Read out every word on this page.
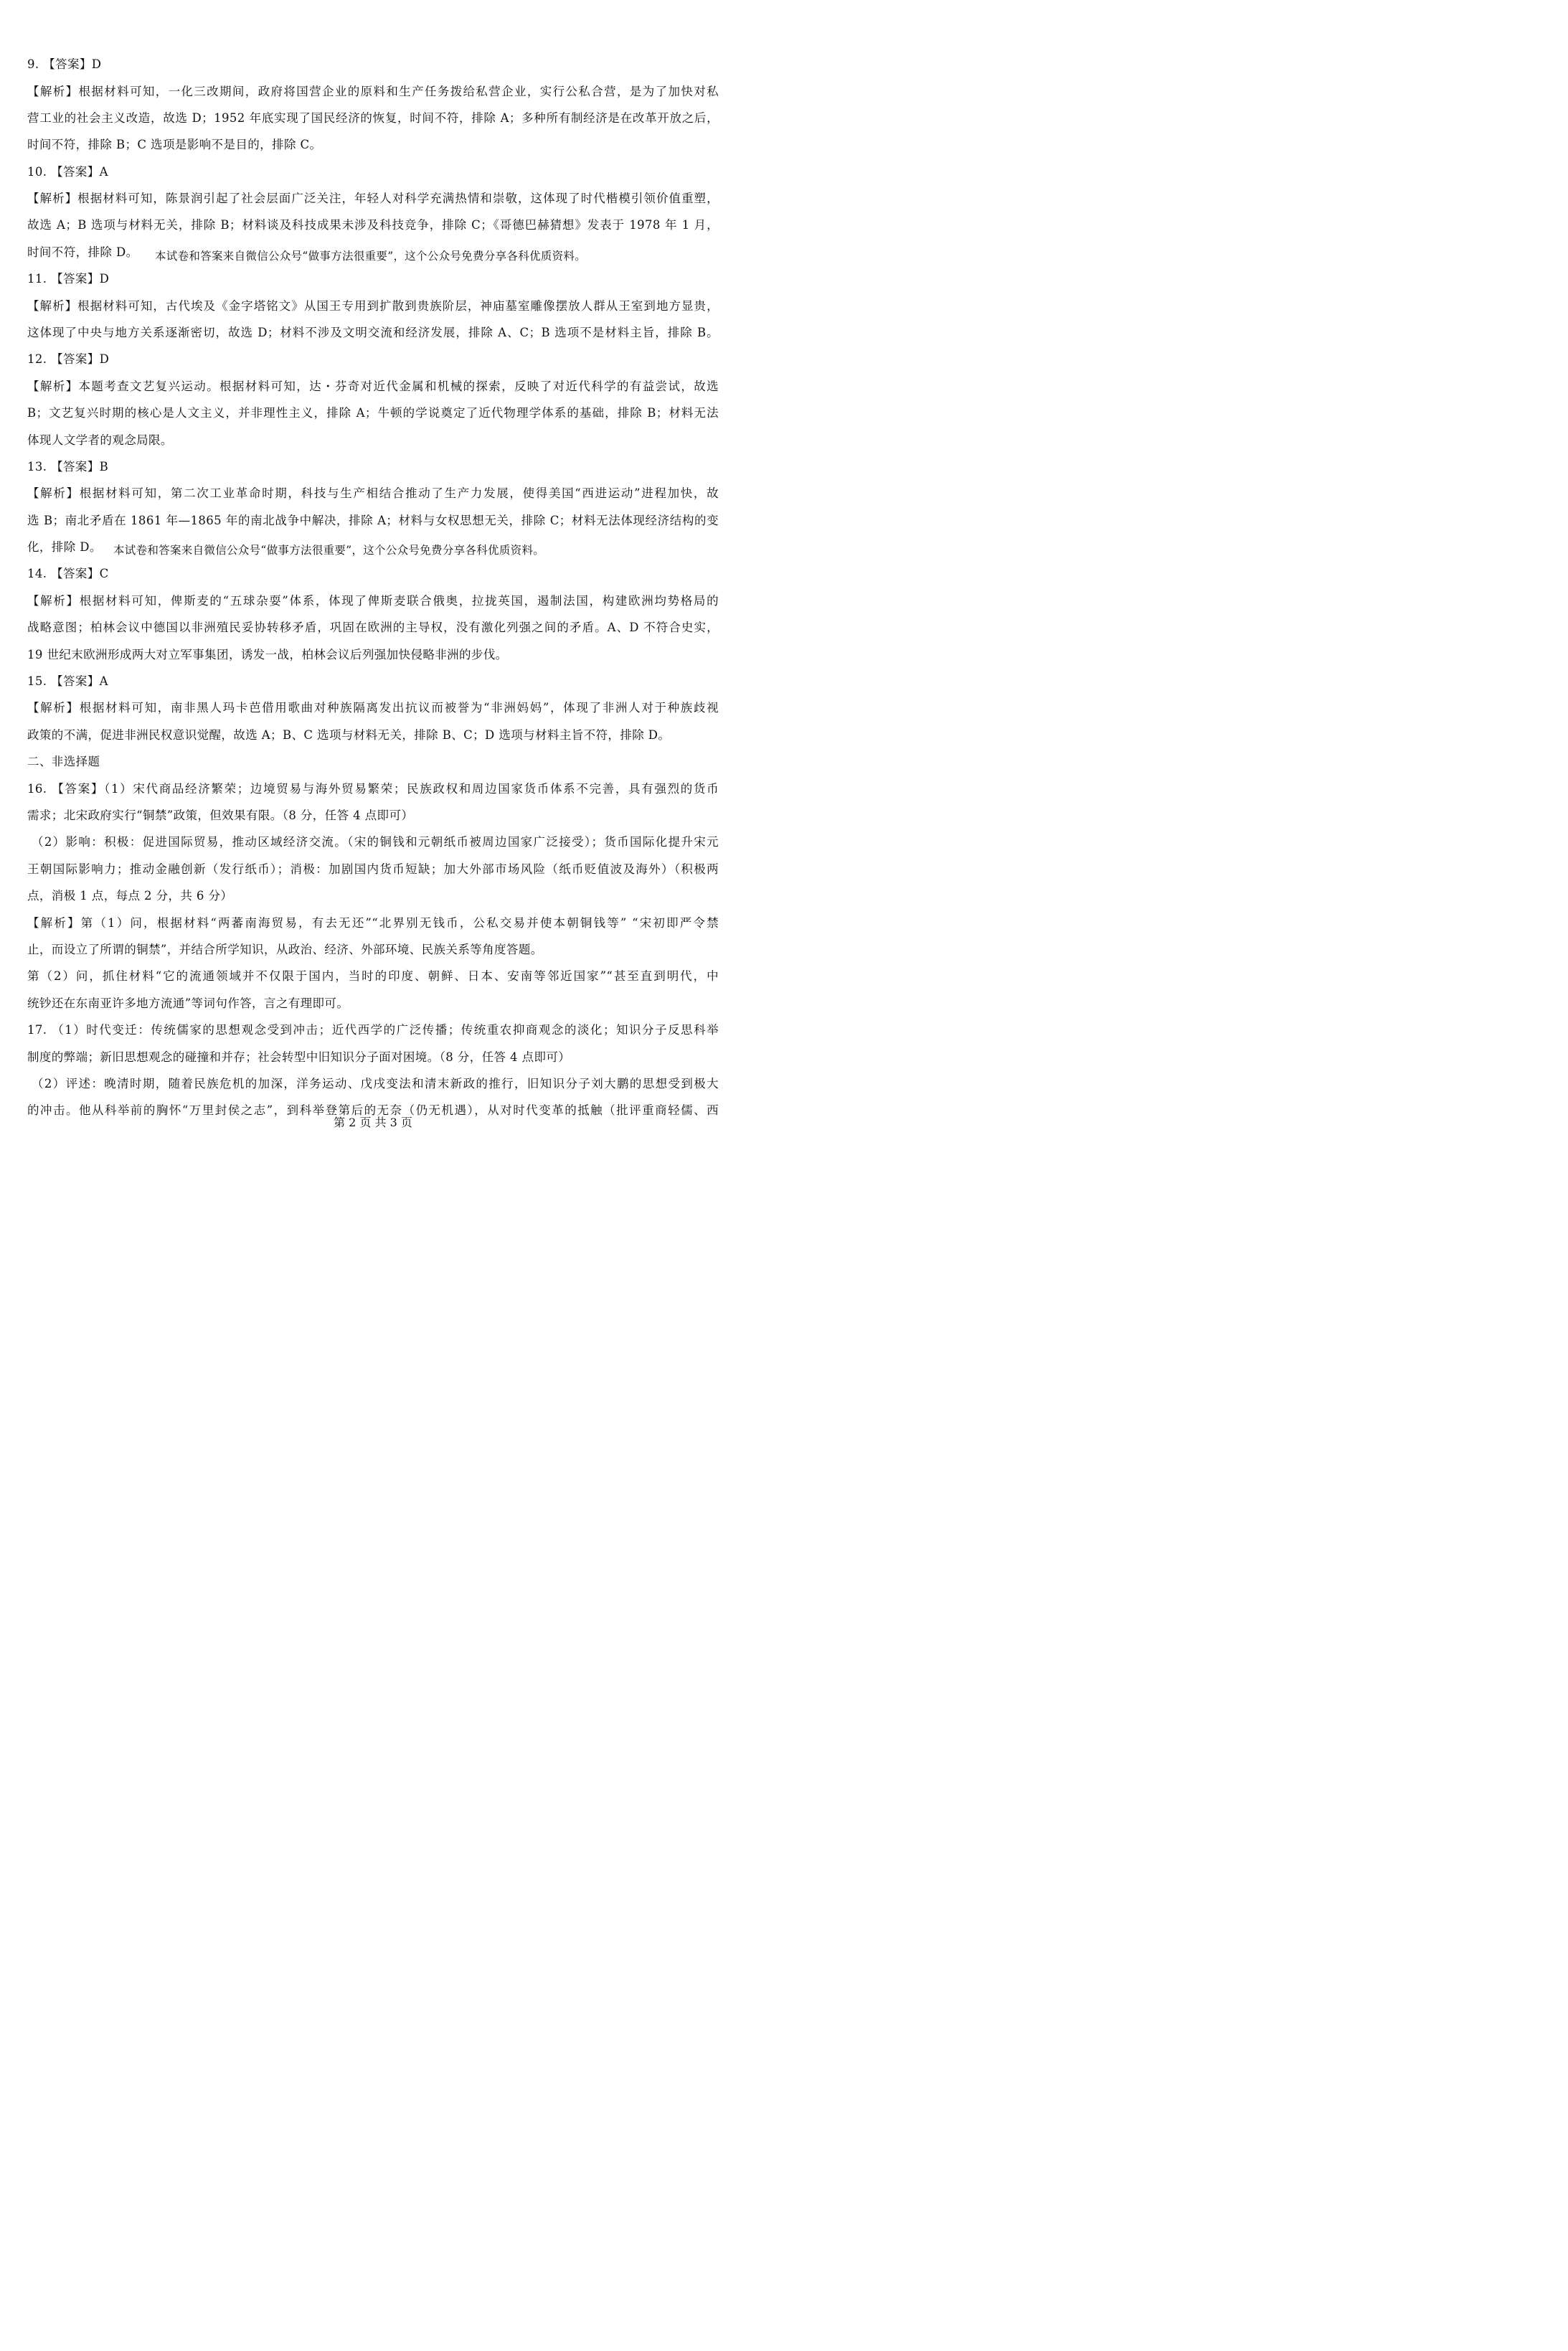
9. 【答案】D

【解析】根据材料可知，一化三改期间，政府将国营企业的原料和生产任务拨给私营企业，实行公私合营，是为了加快对私

营工业的社会主义改造，故选 D；1952 年底实现了国民经济的恢复，时间不符，排除 A；多种所有制经济是在改革开放之后，

时间不符，排除 B；C 选项是影响不是目的，排除 C。

10. 【答案】A

【解析】根据材料可知，陈景润引起了社会层面广泛关注，年轻人对科学充满热情和崇敬，这体现了时代楷模引领价值重塑，

故选 A；B 选项与材料无关，排除 B；材料谈及科技成果未涉及科技竞争，排除 C；《哥德巴赫猜想》发表于 1978 年 1 月，

本试卷和答案来自微信公众号“做事方法很重要”，这个公众号免费分享各科优质资料。

时间不符，排除 D。

11. 【答案】D

【解析】根据材料可知，古代埃及《金字塔铭文》从国王专用到扩散到贵族阶层，神庙墓室雕像摆放人群从王室到地方显贵，

这体现了中央与地方关系逐渐密切，故选 D；材料不涉及文明交流和经济发展，排除 A、C；B 选项不是材料主旨，排除 B。

12. 【答案】D

【解析】本题考查文艺复兴运动。根据材料可知，达・芬奇对近代金属和机械的探索，反映了对近代科学的有益尝试，故选

B；文艺复兴时期的核心是人文主义，并非理性主义，排除 A；牛顿的学说奠定了近代物理学体系的基础，排除 B；材料无法

体现人文学者的观念局限。

13. 【答案】B

【解析】根据材料可知，第二次工业革命时期，科技与生产相结合推动了生产力发展，使得美国“西进运动”进程加快，故

选 B；南北矛盾在 1861 年—1865 年的南北战争中解决，排除 A；材料与女权思想无关，排除 C；材料无法体现经济结构的变

本试卷和答案来自微信公众号“做事方法很重要”，这个公众号免费分享各科优质资料。

化，排除 D。

14. 【答案】C

【解析】根据材料可知，俾斯麦的“五球杂耍”体系，体现了俾斯麦联合俄奥，拉拢英国，遏制法国，构建欧洲均势格局的

战略意图；柏林会议中德国以非洲殖民妥协转移矛盾，巩固在欧洲的主导权，没有激化列强之间的矛盾。A、D 不符合史实，

19 世纪末欧洲形成两大对立军事集团，诱发一战，柏林会议后列强加快侵略非洲的步伐。

15. 【答案】A

【解析】根据材料可知，南非黑人玛卡芭借用歌曲对种族隔离发出抗议而被誉为“非洲妈妈”，体现了非洲人对于种族歧视

政策的不满，促进非洲民权意识觉醒，故选 A；B、C 选项与材料无关，排除 B、C；D 选项与材料主旨不符，排除 D。

二、非选择题

16. 【答案】（1）宋代商品经济繁荣；边境贸易与海外贸易繁荣；民族政权和周边国家货币体系不完善，具有强烈的货币

需求；北宋政府实行“铜禁”政策，但效果有限。（8 分，任答 4 点即可）

（2）影响：积极：促进国际贸易，推动区域经济交流。（宋的铜钱和元朝纸币被周边国家广泛接受）；货币国际化提升宋元

王朝国际影响力；推动金融创新（发行纸币）；消极：加剧国内货币短缺；加大外部市场风险（纸币贬值波及海外）（积极两

点，消极 1 点，每点 2 分，共 6 分）

【解析】第（1）问，根据材料“两蕃南海贸易，有去无还”“北界别无钱币，公私交易并使本朝铜钱等” “宋初即严令禁

止，而设立了所谓的铜禁”，并结合所学知识，从政治、经济、外部环境、民族关系等角度答题。

第（2）问，抓住材料“它的流通领域并不仅限于国内，当时的印度、朝鲜、日本、安南等邻近国家”“甚至直到明代，中

统钞还在东南亚许多地方流通”等词句作答，言之有理即可。

17. （1）时代变迁：传统儒家的思想观念受到冲击；近代西学的广泛传播；传统重农抑商观念的淡化；知识分子反思科举

制度的弊端；新旧思想观念的碰撞和并存；社会转型中旧知识分子面对困境。（8 分，任答 4 点即可）

（2）评述：晚清时期，随着民族危机的加深，洋务运动、戊戌变法和清末新政的推行，旧知识分子刘大鹏的思想受到极大

的冲击。他从科举前的胸怀“万里封侯之志”，到科举登第后的无奈（仍无机遇），从对时代变革的抵触（批评重商轻儒、西

第 2 页 共 3 页
